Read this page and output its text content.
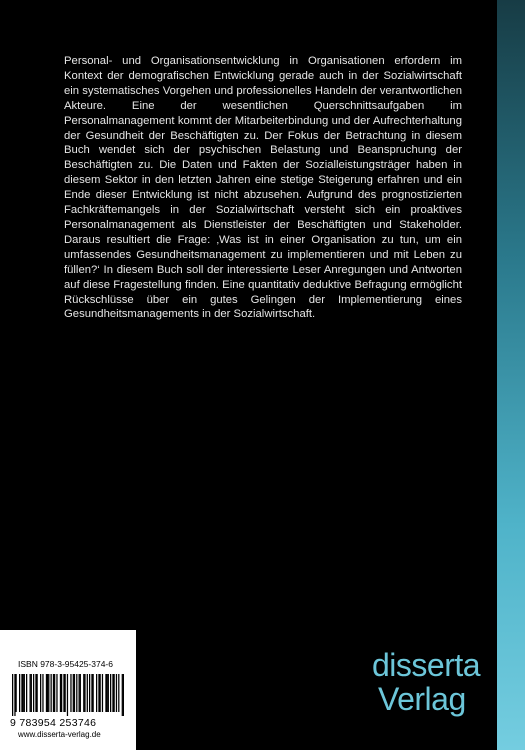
Personal- und Organisationsentwicklung in Organisationen erfordern im Kontext der demografischen Entwicklung gerade auch in der Sozialwirtschaft ein systematisches Vorgehen und professionelles Handeln der verantwortlichen Akteure. Eine der wesentlichen Querschnittsaufgaben im Personalmanagement kommt der Mitarbeiterbindung und der Aufrechterhaltung der Gesundheit der Beschäftigten zu. Der Fokus der Betrachtung in diesem Buch wendet sich der psychischen Belastung und Beanspruchung der Beschäftigten zu. Die Daten und Fakten der Sozialleistungsträger haben in diesem Sektor in den letzten Jahren eine stetige Steigerung erfahren und ein Ende dieser Entwicklung ist nicht abzusehen. Aufgrund des prognostizierten Fachkräftemangels in der Sozialwirtschaft versteht sich ein proaktives Personalmanagement als Dienstleister der Beschäftigten und Stakeholder. Daraus resultiert die Frage: ‚Was ist in einer Organisation zu tun, um ein umfassendes Gesundheitsmanagement zu implementieren und mit Leben zu füllen?‘ In diesem Buch soll der interessierte Leser Anregungen und Antworten auf diese Fragestellung finden. Eine quantitativ deduktive Befragung ermöglicht Rückschlüsse über ein gutes Gelingen der Implementierung eines Gesundheitsmanagements in der Sozialwirtschaft.

ISBN 978-3-95425-374-6
9 783954 253746
www.disserta-verlag.de
disserta
Verlag
